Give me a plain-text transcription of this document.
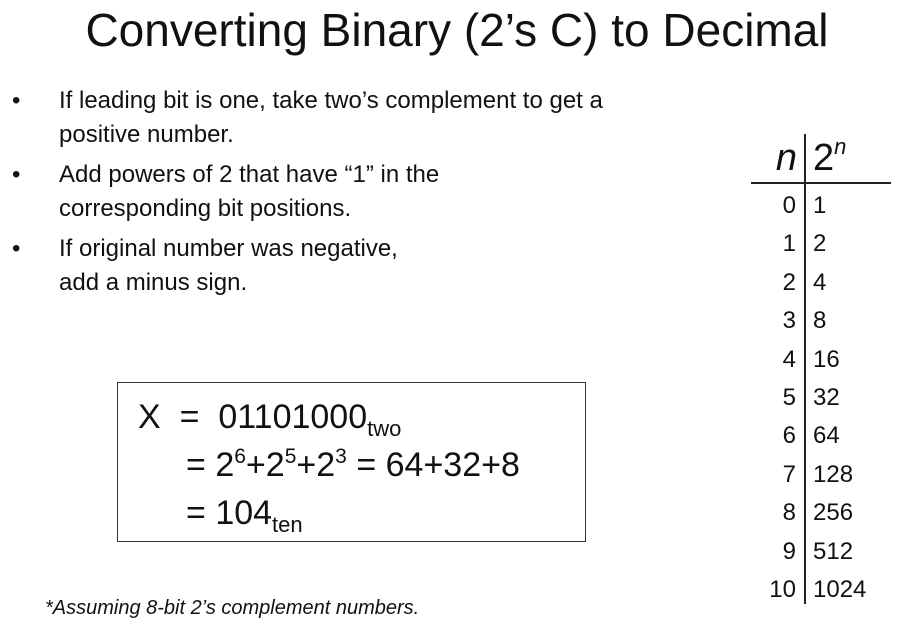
Converting Binary (2’s C) to Decimal
•	If leading bit is one, take two’s complement to get a
positive number.
•	Add powers of 2 that have “1” in the
corresponding bit positions.
•	If original number was negative,
add a minus sign.
$X = 01101000_{two}$
= $2^6+2^5+2^3 = 64+32+8$
= $104_{ten}$
n 2$^n$
0 1
1 2
2 4
3 8
4 16
5 32
6 64
7 128
8 256
9 512
10 1024
*Assuming 8-bit 2’s complement numbers.
